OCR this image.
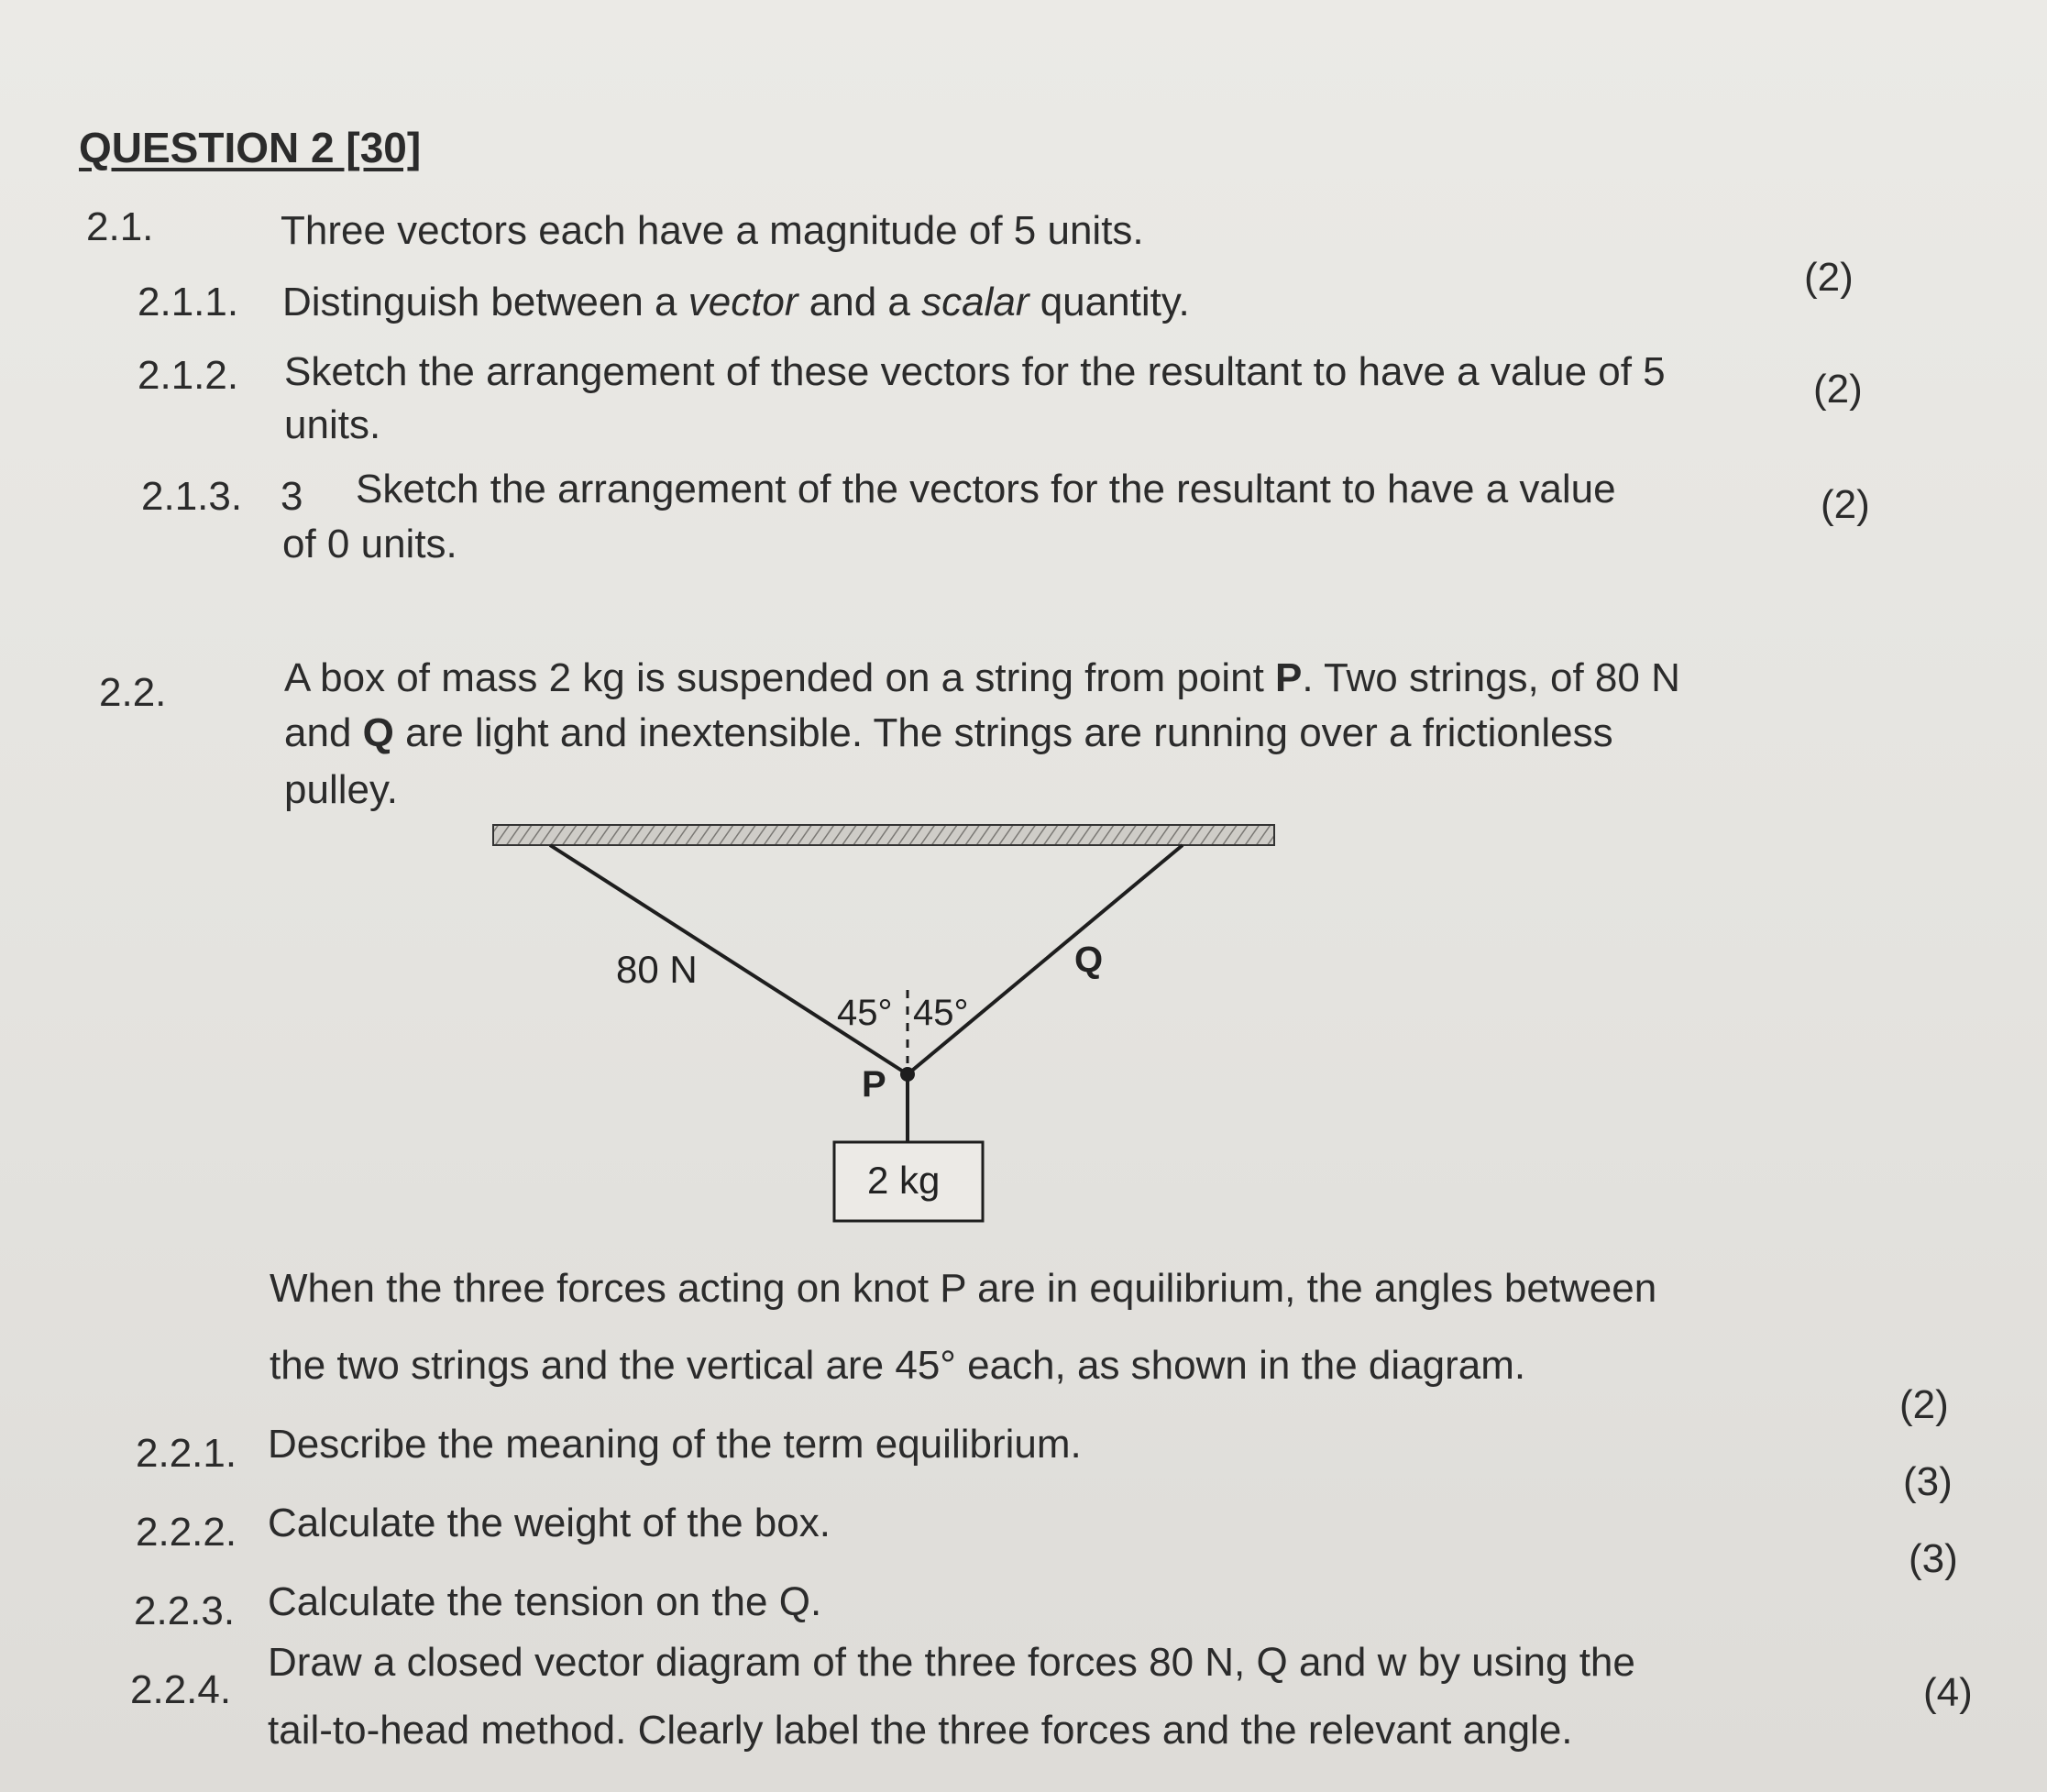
QUESTION 2 [30]
2.1.	Three vectors each have a magnitude of 5 units.
2.1.1. Distinguish between a vector and a scalar quantity.
(2)
2.1.2. Sketch the arrangement of these vectors for the resultant to have a value of 5
units.
(2)
2.1.3. 3 Sketch the arrangement of the vectors for the resultant to have a value
of 0 units.
(2)
2.2.	A box of mass 2 kg is suspended on a string from point P. Two strings, of 80 N
and Q are light and inextensible. The strings are running over a frictionless
pulley.
80 N	Q
45° 45°
P
2 kg
When the three forces acting on knot P are in equilibrium, the angles between
the two strings and the vertical are 45° each, as shown in the diagram.
2.2.1. Describe the meaning of the term equilibrium.
(2)
2.2.2. Calculate the weight of the box.
(3)
2.2.3. Calculate the tension on the Q.
(3)
2.2.4.
Draw a closed vector diagram of the three forces 80 N, Q and w by using the
tail-to-head method. Clearly label the three forces and the relevant angle.
(4)
